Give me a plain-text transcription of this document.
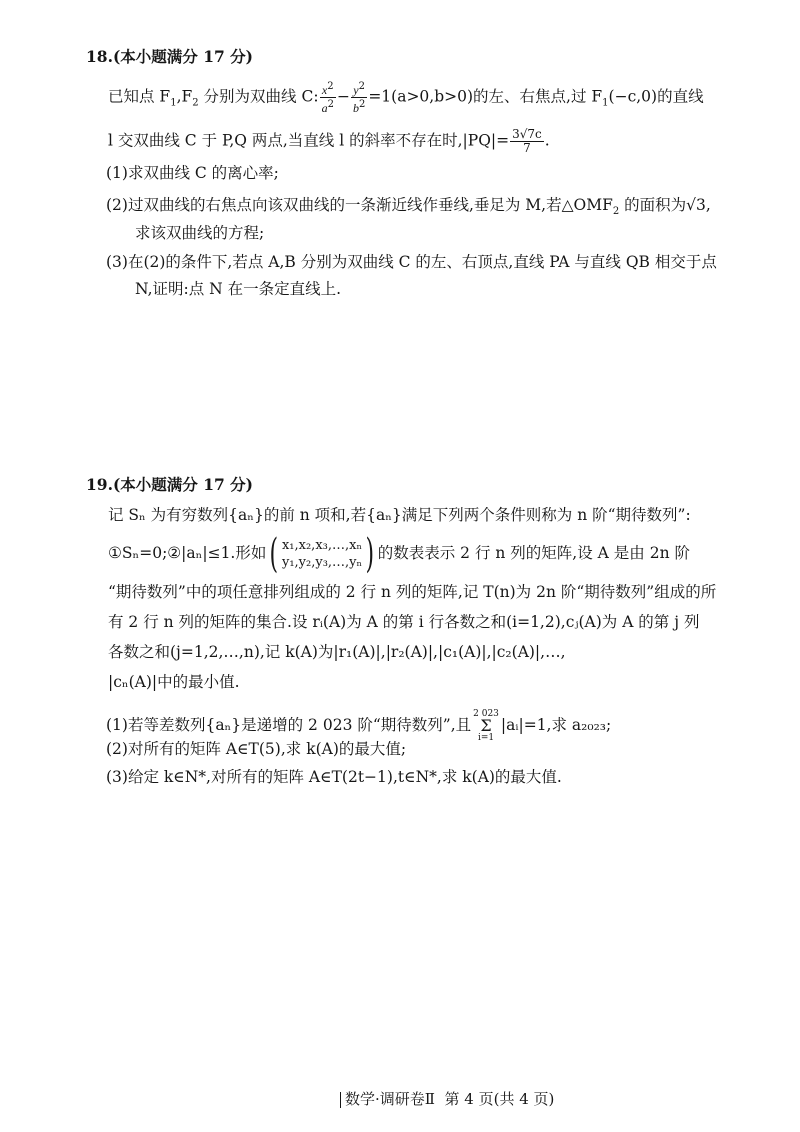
18.(本小题满分 17 分)
已知点 $F_1,F_2$ 分别为双曲线 C: $\frac{x^2}{a^2} - \frac{y^2}{b^2} =1(a>0,b>0)$的左、右焦点,过 $F_1(-c,0)$的直线
l 交双曲线 C 于 P,Q 两点,当直线 l 的斜率不存在时$,|PQ|= \frac{3√7c}{7}$ .
(1)求双曲线 C 的离心率;
(2)过双曲线的右焦点向该双曲线的一条渐近线作垂线,垂足为 M,若$\triangle OMF_2$ 的面积为√3,
求该双曲线的方程;
(3)在(2)的条件下,若点 A,B 分别为双曲线 C 的左、右顶点,直线 PA 与直线 QB 相交于点
N,证明:点 N 在一条定直线上.
19.(本小题满分 17 分)
记 Sₙ 为有穷数列{aₙ}的前 n 项和,若{aₙ}满足下列两个条件则称为 n 阶“期待数列”:
①Sₙ=0;②|aₙ|≤1.形如 ( x₁,x₂,x₃,…,xₙ
y₁,y₂,y₃,…,yₙ ) 的数表表示 2 行 n 列的矩阵,设 A 是由 2n 阶
“期待数列”中的项任意排列组成的 2 行 n 列的矩阵,记 T(n)为 2n 阶“期待数列”组成的所
有 2 行 n 列的矩阵的集合.设 rᵢ(A)为 A 的第 i 行各数之和(i=1,2),cⱼ(A)为 A 的第 j 列
各数之和(j=1,2,…,n),记 k(A)为|r₁(A)|,|r₂(A)|,|c₁(A)|,|c₂(A)|,…,
|cₙ(A)|中的最小值.
(1)若等差数列{aₙ}是递增的 2 023 阶“期待数列”,且
2 023
Σ
i=1
|aᵢ|=1,求 a₂₀₂₃;
(2)对所有的矩阵 A∈T(5),求 k(A)的最大值;
(3)给定 k∈N*,对所有的矩阵 A∈T(2t−1),t∈N*,求 k(A)的最大值.
数学·调研卷Ⅱ 第 4 页(共 4 页)
